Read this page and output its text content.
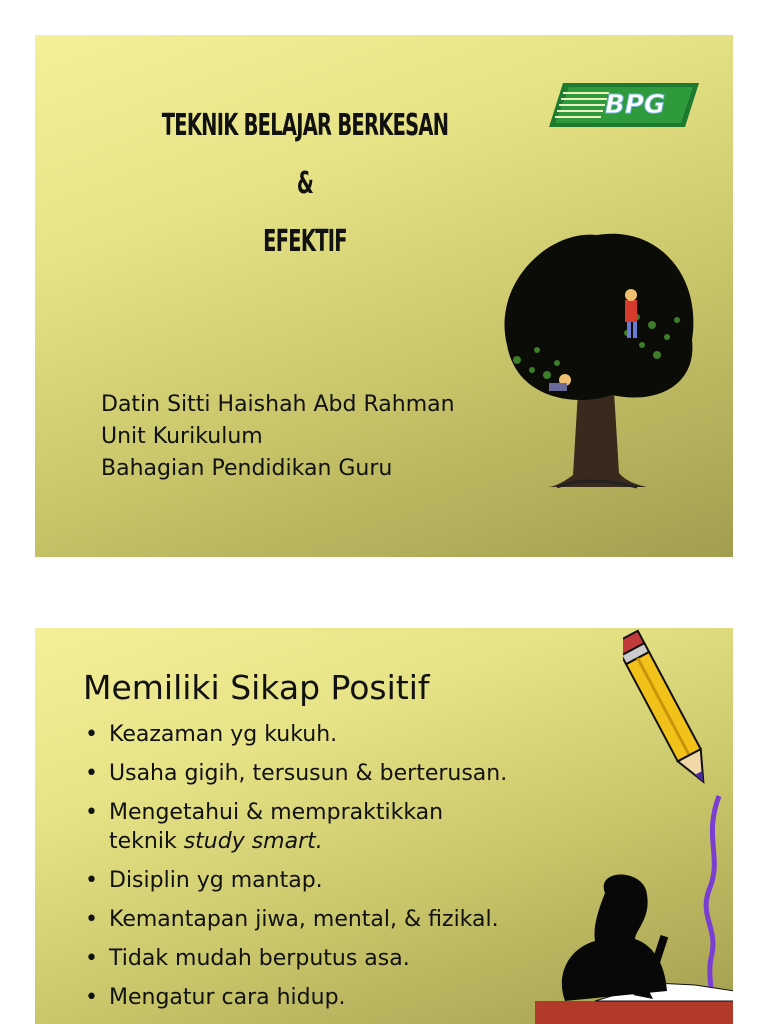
TEKNIK BELAJAR BERKESAN &
EFEKTIF
BPG
Datin Sitti Haishah Abd Rahman
Unit Kurikulum
Bahagian Pendidikan Guru
Memiliki Sikap Positif
• Keazaman yg kukuh.
• Usaha gigih, tersusun & berterusan.
• Mengetahui & mempraktikkan
teknik study smart.
• Disiplin yg mantap.
• Kemantapan jiwa, mental, & fizikal.
• Tidak mudah berputus asa.
• Mengatur cara hidup.
